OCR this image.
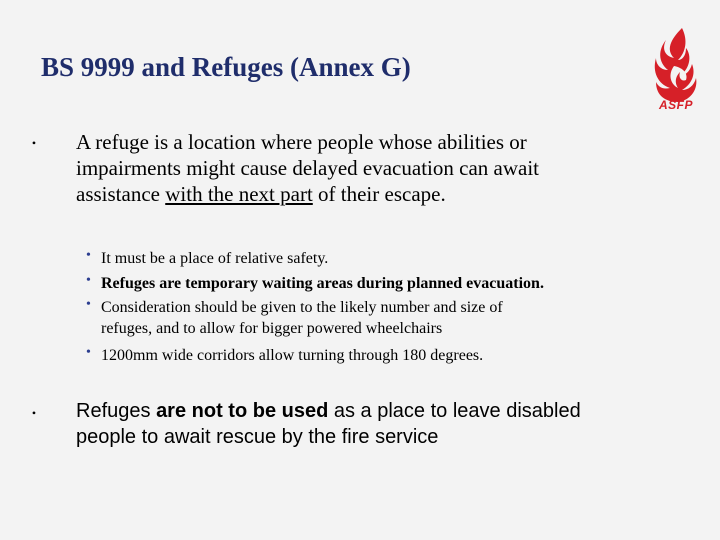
BS 9999 and Refuges (Annex G)
ASFP
• A refuge is a location where people whose abilities or
impairments might cause delayed evacuation can await
assistance with the next part of their escape.
• It must be a place of relative safety.
• Refuges are temporary waiting areas during planned evacuation.
• Consideration should be given to the likely number and size of
refuges, and to allow for bigger powered wheelchairs
• 1200mm wide corridors allow turning through 180 degrees.
• Refuges are not to be used as a place to leave disabled
people to await rescue by the fire service
